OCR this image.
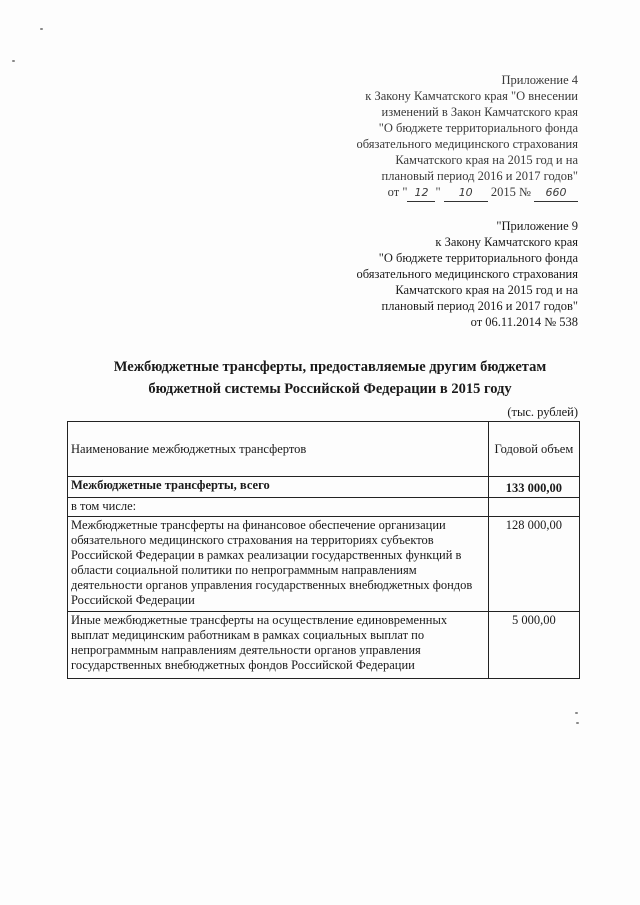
Приложение 4
к Закону Камчатского края "О внесении
изменений в Закон Камчатского края
"О бюджете территориального фонда
обязательного медицинского страхования
Камчатского края на 2015 год и на
плановый период 2016 и 2017 годов"
от " 12 " 10 2015 № 660
"Приложение 9
к Закону Камчатского края
"О бюджете территориального фонда
обязательного медицинского страхования
Камчатского края на 2015 год и на
плановый период 2016 и 2017 годов"
от 06.11.2014 № 538
Межбюджетные трансферты, предоставляемые другим бюджетам
бюджетной системы Российской Федерации в 2015 году
(тыс. рублей)
Наименование межбюджетных трансфертов	Годовой объем
Межбюджетные трансферты, всего	133 000,00
в том числе:	
Межбюджетные трансферты на финансовое обеспечение организации обязательного медицинского страхования на территориях субъектов Российской Федерации в рамках реализации государственных функций в области социальной политики по непрограммным направлениям деятельности органов управления государственных внебюджетных фондов Российской Федерации	128 000,00
Иные межбюджетные трансферты на осуществление единовременных выплат медицинским работникам в рамках социальных выплат по непрограммным направлениям деятельности органов управления государственных внебюджетных фондов Российской Федерации	5 000,00
